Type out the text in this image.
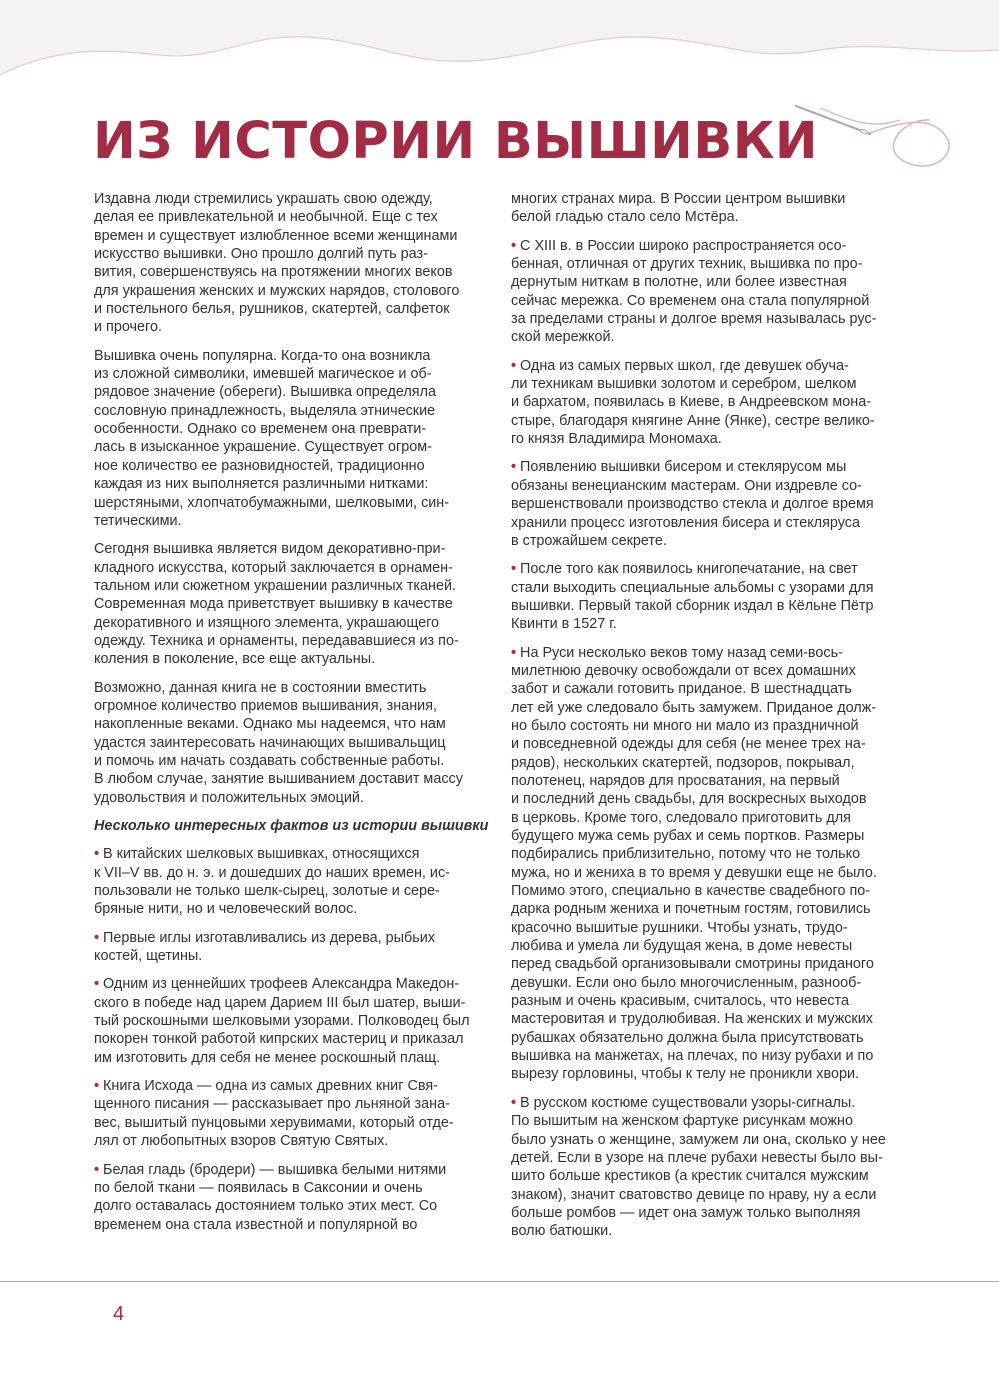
ИЗ ИСТОРИИ ВЫШИВКИ

Издавна люди стремились украшать свою одежду,
делая ее привлекательной и необычной. Еще с тех
времен и существует излюбленное всеми женщинами
искусство вышивки. Оно прошло долгий путь раз-
вития, совершенствуясь на протяжении многих веков
для украшения женских и мужских нарядов, столового
и постельного белья, рушников, скатертей, салфеток
и прочего.

Вышивка очень популярна. Когда-то она возникла
из сложной символики, имевшей магическое и об-
рядовое значение (обереги). Вышивка определяла
сословную принадлежность, выделяла этнические
особенности. Однако со временем она преврати-
лась в изысканное украшение. Существует огром-
ное количество ее разновидностей, традиционно
каждая из них выполняется различными нитками:
шерстяными, хлопчатобумажными, шелковыми, син-
тетическими.

Сегодня вышивка является видом декоративно-при-
кладного искусства, который заключается в орнамен-
тальном или сюжетном украшении различных тканей.
Современная мода приветствует вышивку в качестве
декоративного и изящного элемента, украшающего
одежду. Техника и орнаменты, передававшиеся из по-
коления в поколение, все еще актуальны.

Возможно, данная книга не в состоянии вместить
огромное количество приемов вышивания, знания,
накопленные веками. Однако мы надеемся, что нам
удастся заинтересовать начинающих вышивальщиц
и помочь им начать создавать собственные работы.
В любом случае, занятие вышиванием доставит массу
удовольствия и положительных эмоций.

Несколько интересных фактов из истории вышивки

• В китайских шелковых вышивках, относящихся
к VII–V вв. до н. э. и дошедших до наших времен, ис-
пользовали не только шелк-сырец, золотые и сере-
бряные нити, но и человеческий волос.

• Первые иглы изготавливались из дерева, рыбьих
костей, щетины.

• Одним из ценнейших трофеев Александра Македон-
ского в победе над царем Дарием III был шатер, выши-
тый роскошными шелковыми узорами. Полководец был
покорен тонкой работой кипрских мастериц и приказал
им изготовить для себя не менее роскошный плащ.

• Книга Исхода — одна из самых древних книг Свя-
щенного писания — рассказывает про льняной зана-
вес, вышитый пунцовыми херувимами, который отде-
лял от любопытных взоров Святую Святых.

• Белая гладь (бродери) — вышивка белыми нитями
по белой ткани — появилась в Саксонии и очень
долго оставалась достоянием только этих мест. Со
временем она стала известной и популярной во

многих странах мира. В России центром вышивки
белой гладью стало село Мстёра.

• С XIII в. в России широко распространяется осо-
бенная, отличная от других техник, вышивка по про-
дернутым ниткам в полотне, или более известная
сейчас мережка. Со временем она стала популярной
за пределами страны и долгое время называлась рус-
ской мережкой.

• Одна из самых первых школ, где девушек обуча-
ли техникам вышивки золотом и серебром, шелком
и бархатом, появилась в Киеве, в Андреевском мона-
стыре, благодаря княгине Анне (Янке), сестре велико-
го князя Владимира Мономаха.

• Появлению вышивки бисером и стеклярусом мы
обязаны венецианским мастерам. Они издревле со-
вершенствовали производство стекла и долгое время
хранили процесс изготовления бисера и стекляруса
в строжайшем секрете.

• После того как появилось книгопечатание, на свет
стали выходить специальные альбомы с узорами для
вышивки. Первый такой сборник издал в Кёльне Пётр
Квинти в 1527 г.

• На Руси несколько веков тому назад семи-вось-
милетнюю девочку освобождали от всех домашних
забот и сажали готовить приданое. В шестнадцать
лет ей уже следовало быть замужем. Приданое долж-
но было состоять ни много ни мало из праздничной
и повседневной одежды для себя (не менее трех на-
рядов), нескольких скатертей, подзоров, покрывал,
полотенец, нарядов для просватания, на первый
и последний день свадьбы, для воскресных выходов
в церковь. Кроме того, следовало приготовить для
будущего мужа семь рубах и семь портков. Размеры
подбирались приблизительно, потому что не только
мужа, но и жениха в то время у девушки еще не было.
Помимо этого, специально в качестве свадебного по-
дарка родным жениха и почетным гостям, готовились
красочно вышитые рушники. Чтобы узнать, трудо-
любива и умела ли будущая жена, в доме невесты
перед свадьбой организовывали смотрины приданого
девушки. Если оно было многочисленным, разнооб-
разным и очень красивым, считалось, что невеста
мастеровитая и трудолюбивая. На женских и мужских
рубашках обязательно должна была присутствовать
вышивка на манжетах, на плечах, по низу рубахи и по
вырезу горловины, чтобы к телу не проникли хвори.

• В русском костюме существовали узоры-сигналы.
По вышитым на женском фартуке рисункам можно
было узнать о женщине, замужем ли она, сколько у нее
детей. Если в узоре на плече рубахи невесты было вы-
шито больше крестиков (а крестик считался мужским
знаком), значит сватовство девице по нраву, ну а если
больше ромбов — идет она замуж только выполняя
волю батюшки.

4
